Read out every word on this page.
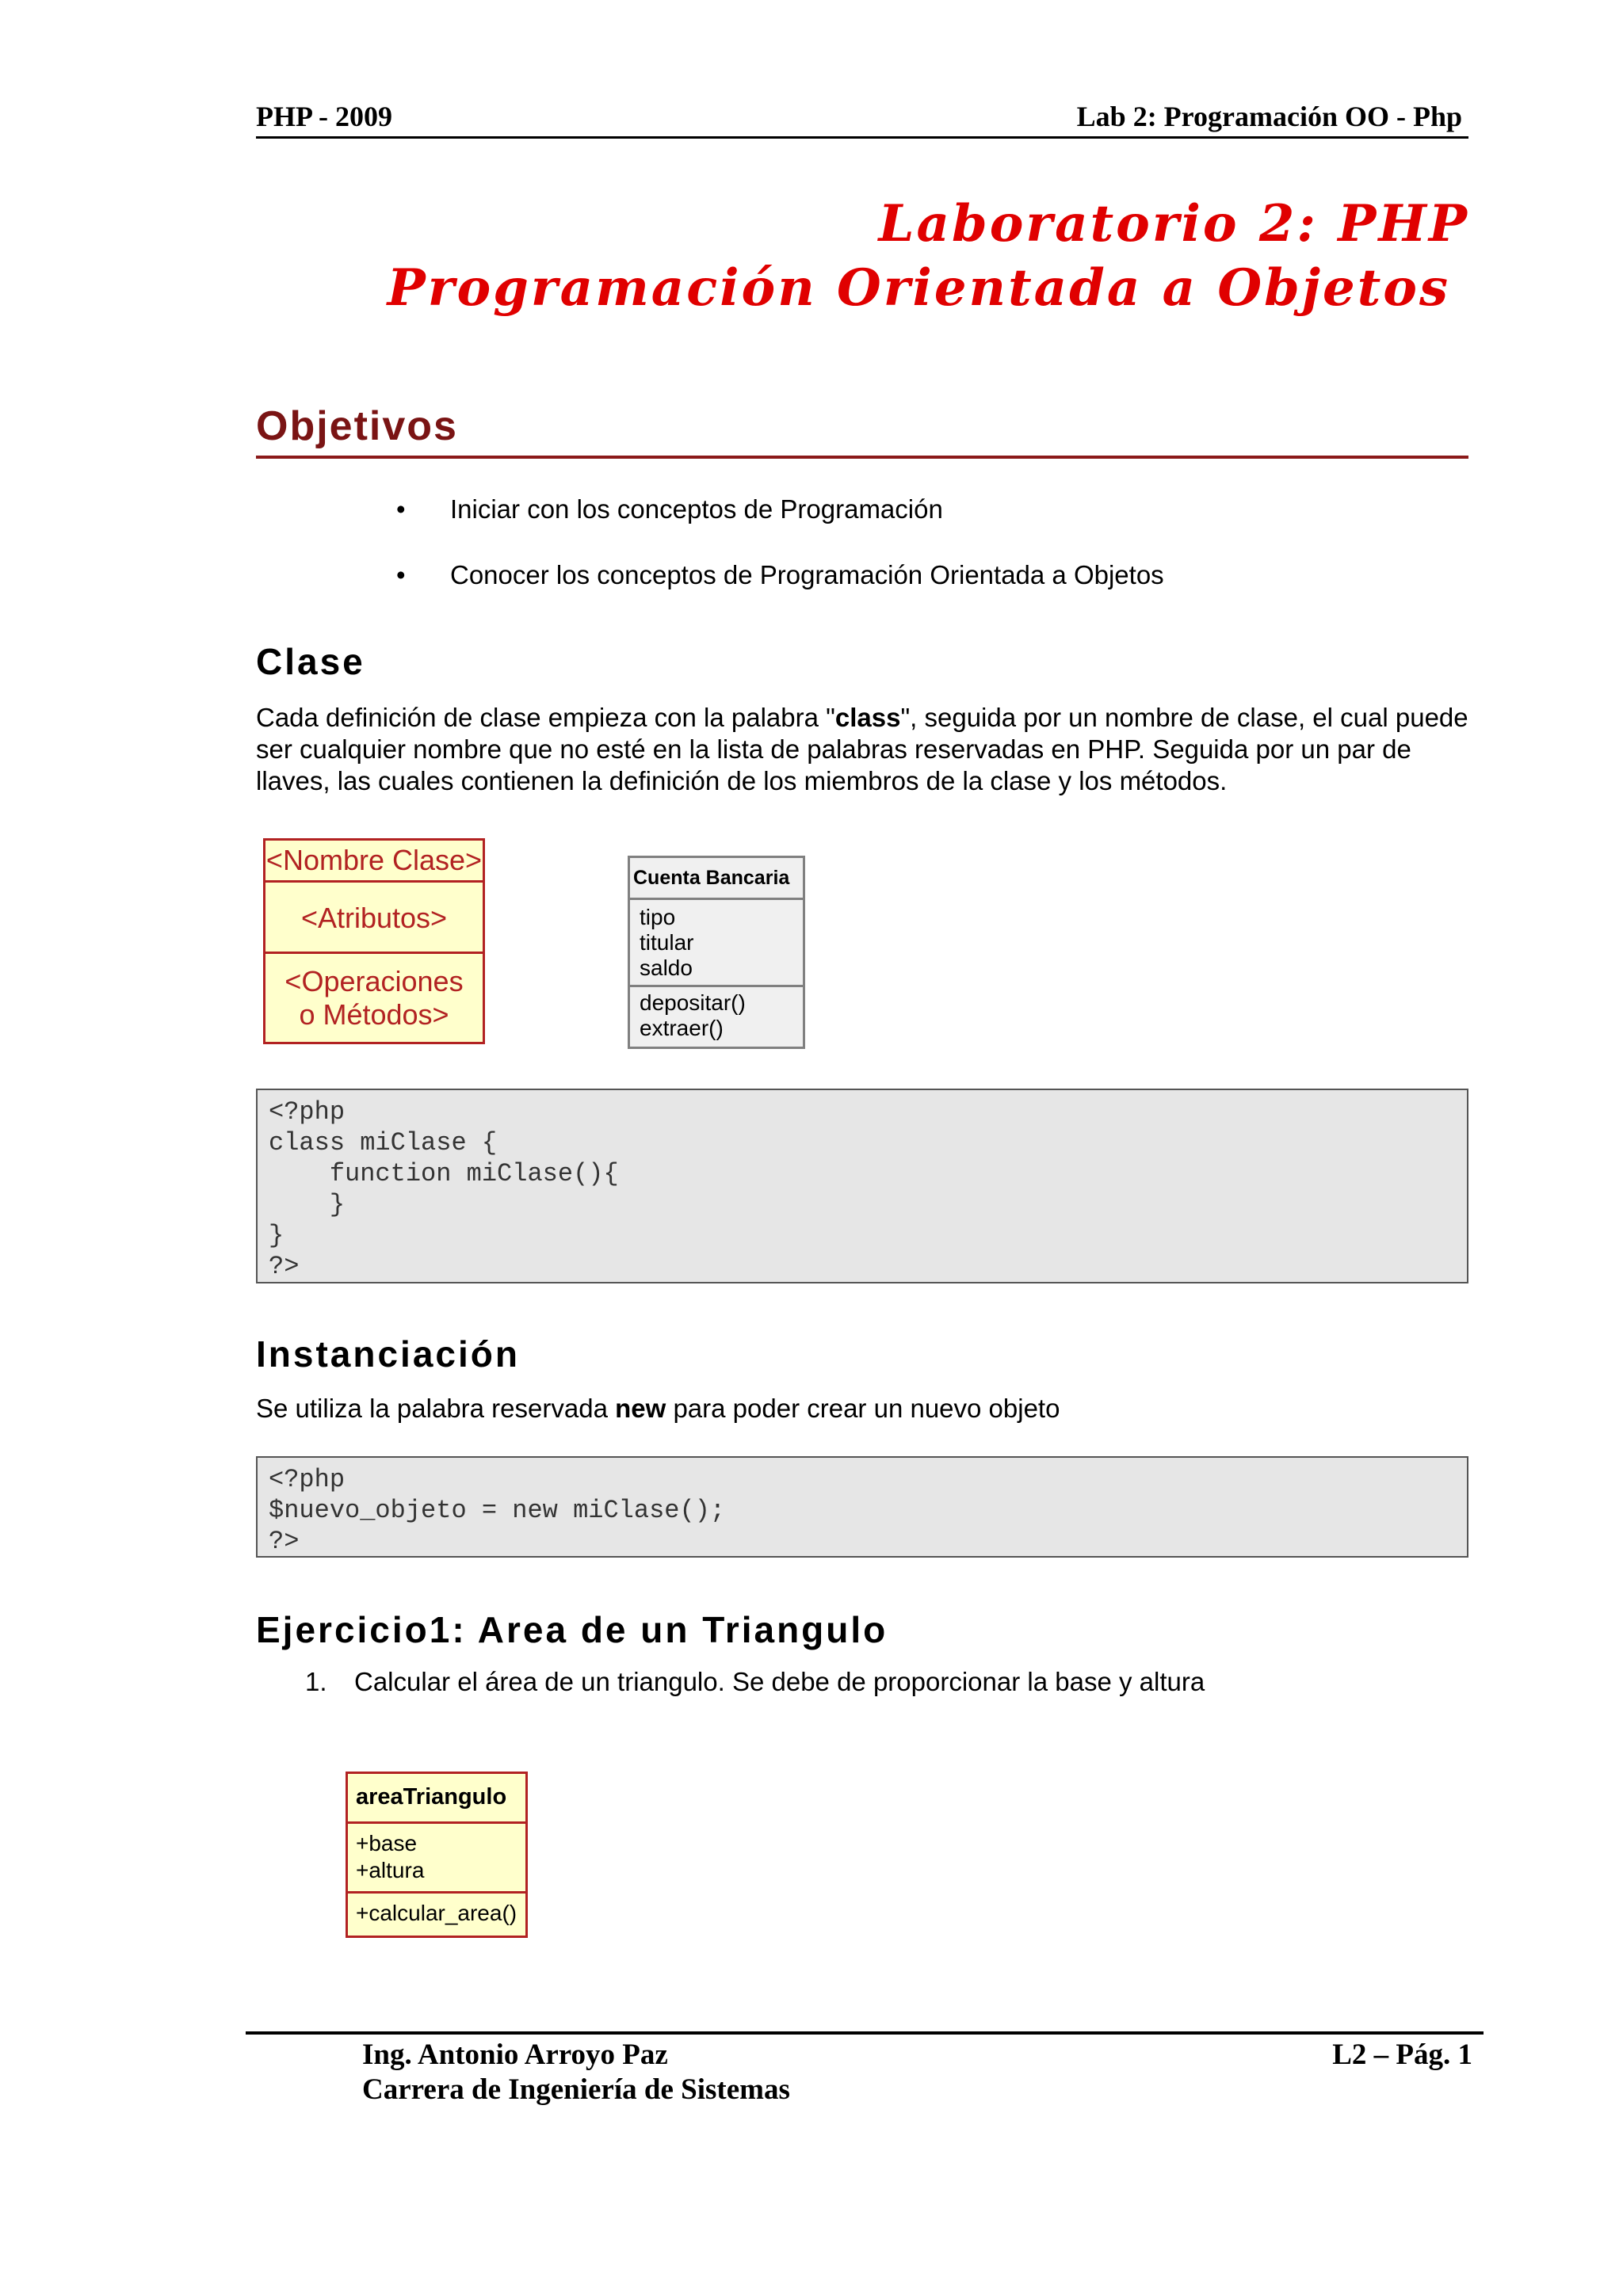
PHP - 2009	Lab 2: Programación OO - Php
Laboratorio 2: PHP
Programación Orientada a Objetos
Objetivos
• Iniciar con los conceptos de Programación
• Conocer los conceptos de Programación Orientada a Objetos
Clase
Cada definición de clase empieza con la palabra "class", seguida por un nombre de clase, el cual puede ser cualquier nombre que no esté en la lista de palabras reservadas en PHP. Seguida por un par de llaves, las cuales contienen la definición de los miembros de la clase y los métodos.
<Nombre Clase>
<Atributos>
<Operaciones
o Métodos>
Cuenta Bancaria
tipo
titular
saldo
depositar()
extraer()
<?php
class miClase {
function miClase(){
}
}
?>
Instanciación
Se utiliza la palabra reservada new para poder crear un nuevo objeto
<?php
$nuevo_objeto = new miClase();
?>
Ejercicio1: Area de un Triangulo
1. Calcular el área de un triangulo. Se debe de proporcionar la base y altura
areaTriangulo
+base
+altura
+calcular_area()
Ing. Antonio Arroyo Paz
Carrera de Ingeniería de Sistemas
L2 – Pág. 1
